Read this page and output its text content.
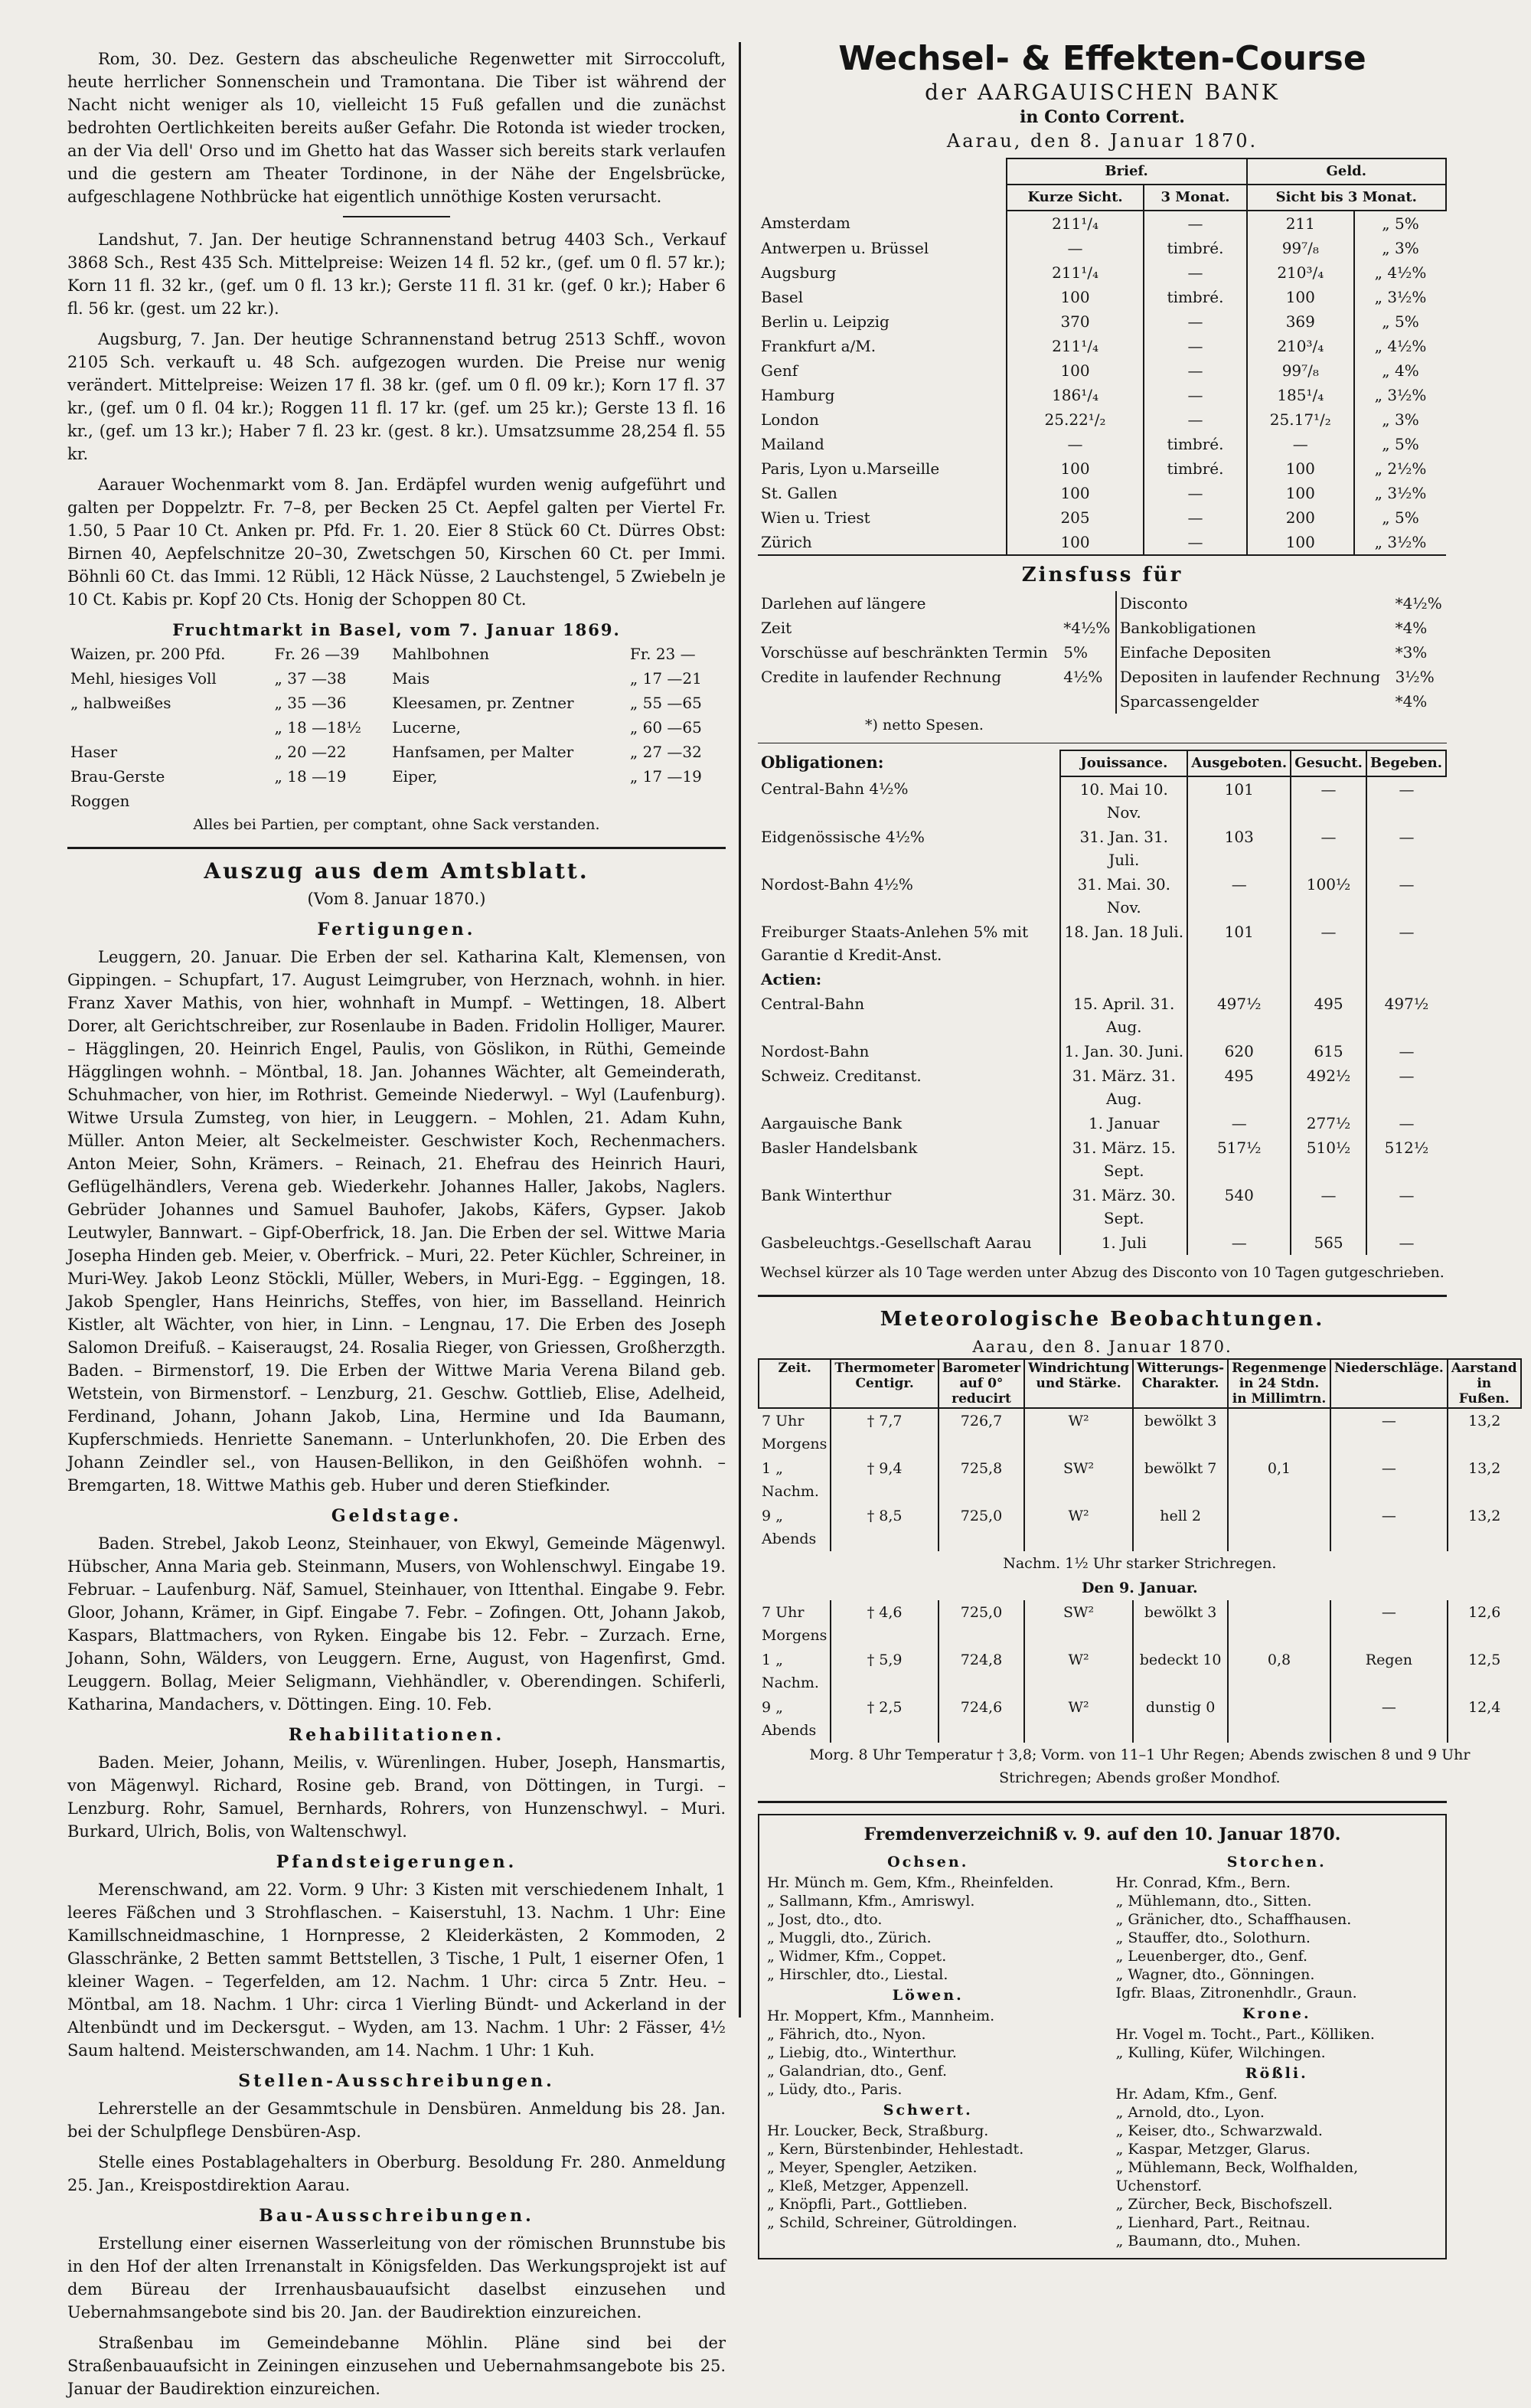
Rom, 30. Dez. Gestern das abscheuliche Regenwetter mit Sirroccoluft, heute herrlicher Sonnenschein und Tramontana. Die Tiber ist während der Nacht nicht weniger als 10, vielleicht 15 Fuß gefallen und die zunächst bedrohten Oertlichkeiten bereits außer Gefahr. Die Rotonda ist wieder trocken, an der Via dell' Orso und im Ghetto hat das Wasser sich bereits stark verlaufen und die gestern am Theater Tordinone, in der Nähe der Engelsbrücke, aufgeschlagene Nothbrücke hat eigentlich unnöthige Kosten verursacht.

Landshut, 7. Jan. Der heutige Schrannenstand betrug 4403 Sch., Verkauf 3868 Sch., Rest 435 Sch. Mittelpreise: Weizen 14 fl. 52 kr., (gef. um 0 fl. 57 kr.); Korn 11 fl. 32 kr., (gef. um 0 fl. 13 kr.); Gerste 11 fl. 31 kr. (gef. 0 kr.); Haber 6 fl. 56 kr. (gest. um 22 kr.).

Augsburg, 7. Jan. Der heutige Schrannenstand betrug 2513 Schff., wovon 2105 Sch. verkauft u. 48 Sch. aufgezogen wurden. Die Preise nur wenig verändert. Mittelpreise: Weizen 17 fl. 38 kr. (gef. um 0 fl. 09 kr.); Korn 17 fl. 37 kr., (gef. um 0 fl. 04 kr.); Roggen 11 fl. 17 kr. (gef. um 25 kr.); Gerste 13 fl. 16 kr., (gef. um 13 kr.); Haber 7 fl. 23 kr. (gest. 8 kr.). Umsatzsumme 28,254 fl. 55 kr.

Aarauer Wochenmarkt vom 8. Jan. Erdäpfel wurden wenig aufgeführt und galten per Doppelztr. Fr. 7–8, per Becken 25 Ct. Aepfel galten per Viertel Fr. 1.50, 5 Paar 10 Ct. Anken pr. Pfd. Fr. 1. 20. Eier 8 Stück 60 Ct. Dürres Obst: Birnen 40, Aepfelschnitze 20–30, Zwetschgen 50, Kirschen 60 Ct. per Immi. Böhnli 60 Ct. das Immi. 12 Rübli, 12 Häck Nüsse, 2 Lauchstengel, 5 Zwiebeln je 10 Ct. Kabis pr. Kopf 20 Cts. Honig der Schoppen 80 Ct.

Fruchtmarkt in Basel, vom 7. Januar 1869.
Waizen, pr. 200 Pfd.	Fr. 26 —39	Mahlbohnen	Fr. 23 —
Mehl, hiesiges Voll	„ 37 —38	Mais	„ 17 —21
„ halbweißes	„ 35 —36	Kleesamen, pr. Zentner	„ 55 —65
	„ 18 —18½	Lucerne,	„ 60 —65
Haser	„ 20 —22	Hanfsamen, per Malter	„ 27 —32
Brau-Gerste	„ 18 —19	Eiper,	„ 17 —19
Roggen			
Alles bei Partien, per comptant, ohne Sack verstanden.
Auszug aus dem Amtsblatt.
(Vom 8. Januar 1870.)
Fertigungen.

Leuggern, 20. Januar. Die Erben der sel. Katharina Kalt, Klemensen, von Gippingen. – Schupfart, 17. August Leimgruber, von Herznach, wohnh. in hier. Franz Xaver Mathis, von hier, wohnhaft in Mumpf. – Wettingen, 18. Albert Dorer, alt Gerichtschreiber, zur Rosenlaube in Baden. Fridolin Holliger, Maurer. – Hägglingen, 20. Heinrich Engel, Paulis, von Göslikon, in Rüthi, Gemeinde Hägglingen wohnh. – Möntbal, 18. Jan. Johannes Wächter, alt Gemeinderath, Schuhmacher, von hier, im Rothrist. Gemeinde Niederwyl. – Wyl (Laufenburg). Witwe Ursula Zumsteg, von hier, in Leuggern. – Mohlen, 21. Adam Kuhn, Müller. Anton Meier, alt Seckelmeister. Geschwister Koch, Rechenmachers. Anton Meier, Sohn, Krämers. – Reinach, 21. Ehefrau des Heinrich Hauri, Geflügelhändlers, Verena geb. Wiederkehr. Johannes Haller, Jakobs, Naglers. Gebrüder Johannes und Samuel Bauhofer, Jakobs, Käfers, Gypser. Jakob Leutwyler, Bannwart. – Gipf-Oberfrick, 18. Jan. Die Erben der sel. Wittwe Maria Josepha Hinden geb. Meier, v. Oberfrick. – Muri, 22. Peter Küchler, Schreiner, in Muri-Wey. Jakob Leonz Stöckli, Müller, Webers, in Muri-Egg. – Eggingen, 18. Jakob Spengler, Hans Heinrichs, Steffes, von hier, im Basselland. Heinrich Kistler, alt Wächter, von hier, in Linn. – Lengnau, 17. Die Erben des Joseph Salomon Dreifuß. – Kaiseraugst, 24. Rosalia Rieger, von Griessen, Großherzgth. Baden. – Birmenstorf, 19. Die Erben der Wittwe Maria Verena Biland geb. Wetstein, von Birmenstorf. – Lenzburg, 21. Geschw. Gottlieb, Elise, Adelheid, Ferdinand, Johann, Johann Jakob, Lina, Hermine und Ida Baumann, Kupferschmieds. Henriette Sanemann. – Unterlunkhofen, 20. Die Erben des Johann Zeindler sel., von Hausen-Bellikon, in den Geißhöfen wohnh. – Bremgarten, 18. Wittwe Mathis geb. Huber und deren Stiefkinder.

Geldstage.

Baden. Strebel, Jakob Leonz, Steinhauer, von Ekwyl, Gemeinde Mägenwyl. Hübscher, Anna Maria geb. Steinmann, Musers, von Wohlenschwyl. Eingabe 19. Februar. – Laufenburg. Näf, Samuel, Steinhauer, von Ittenthal. Eingabe 9. Febr. Gloor, Johann, Krämer, in Gipf. Eingabe 7. Febr. – Zofingen. Ott, Johann Jakob, Kaspars, Blattmachers, von Ryken. Eingabe bis 12. Febr. – Zurzach. Erne, Johann, Sohn, Wälders, von Leuggern. Erne, August, von Hagenfirst, Gmd. Leuggern. Bollag, Meier Seligmann, Viehhändler, v. Oberendingen. Schiferli, Katharina, Mandachers, v. Döttingen. Eing. 10. Feb.

Rehabilitationen.

Baden. Meier, Johann, Meilis, v. Würenlingen. Huber, Joseph, Hansmartis, von Mägenwyl. Richard, Rosine geb. Brand, von Döttingen, in Turgi. – Lenzburg. Rohr, Samuel, Bernhards, Rohrers, von Hunzenschwyl. – Muri. Burkard, Ulrich, Bolis, von Waltenschwyl.

Pfandsteigerungen.

Merenschwand, am 22. Vorm. 9 Uhr: 3 Kisten mit verschiedenem Inhalt, 1 leeres Fäßchen und 3 Strohflaschen. – Kaiserstuhl, 13. Nachm. 1 Uhr: Eine Kamillschneidmaschine, 1 Hornpresse, 2 Kleiderkästen, 2 Kommoden, 2 Glasschränke, 2 Betten sammt Bettstellen, 3 Tische, 1 Pult, 1 eiserner Ofen, 1 kleiner Wagen. – Tegerfelden, am 12. Nachm. 1 Uhr: circa 5 Zntr. Heu. – Möntbal, am 18. Nachm. 1 Uhr: circa 1 Vierling Bündt- und Ackerland in der Altenbündt und im Deckersgut. – Wyden, am 13. Nachm. 1 Uhr: 2 Fässer, 4½ Saum haltend. Meisterschwanden, am 14. Nachm. 1 Uhr: 1 Kuh.

Stellen-Ausschreibungen.

Lehrerstelle an der Gesammtschule in Densbüren. Anmeldung bis 28. Jan. bei der Schulpflege Densbüren-Asp.

Stelle eines Postablagehalters in Oberburg. Besoldung Fr. 280. Anmeldung 25. Jan., Kreispostdirektion Aarau.

Bau-Ausschreibungen.

Erstellung einer eisernen Wasserleitung von der römischen Brunnstube bis in den Hof der alten Irrenanstalt in Königsfelden. Das Werkungsprojekt ist auf dem Büreau der Irrenhausbauaufsicht daselbst einzusehen und Uebernahmsangebote sind bis 20. Jan. der Baudirektion einzureichen.

Straßenbau im Gemeindebanne Möhlin. Pläne sind bei der Straßenbauaufsicht in Zeiningen einzusehen und Uebernahmsangebote bis 25. Januar der Baudirektion einzureichen.

Wechsel- & Effekten-Course
der AARGAUISCHEN BANK
in Conto Corrent.
Aarau, den 8. Januar 1870.
	Brief.		Geld.	
	Kurze Sicht.	3 Monat.	Sicht bis 3 Monat.	
Amsterdam	211¹/₄	—	211	„ 5%
Antwerpen u. Brüssel	—	timbré.	99⁷/₈	„ 3%
Augsburg	211¹/₄	—	210³/₄	„ 4½%
Basel	100	timbré.	100	„ 3½%
Berlin u. Leipzig	370	—	369	„ 5%
Frankfurt a/M.	211¹/₄	—	210³/₄	„ 4½%
Genf	100	—	99⁷/₈	„ 4%
Hamburg	186¹/₄	—	185¹/₄	„ 3½%
London	25.22¹/₂	—	25.17¹/₂	„ 3%
Mailand	—	timbré.	—	„ 5%
Paris, Lyon u.Marseille	100	timbré.	100	„ 2½%
St. Gallen	100	—	100	„ 3½%
Wien u. Triest	205	—	200	„ 5%
Zürich	100	—	100	„ 3½%
Zinsfuss für
Darlehen auf längere		Disconto	*4½%
Zeit	*4½%	Bankobligationen	*4%
Vorschüsse auf beschränkten Termin	5%	Einfache Depositen	*3%
Credite in laufender Rechnung	4½%	Depositen in laufender Rechnung	3½%
		Sparcassengelder	*4%
*) netto Spesen.
Obligationen:	Jouissance.	Ausgeboten.	Gesucht.	Begeben.
Central-Bahn 4½%	10. Mai 10. Nov.	101	—	—
Eidgenössische 4½%	31. Jan. 31. Juli.	103	—	—
Nordost-Bahn 4½%	31. Mai. 30. Nov.	—	100½	—
Freiburger Staats-Anlehen 5% mit Garantie d Kredit-Anst.	18. Jan. 18 Juli.	101	—	—
Actien:				
Central-Bahn	15. April. 31. Aug.	497½	495	497½
Nordost-Bahn	1. Jan. 30. Juni.	620	615	—
Schweiz. Creditanst.	31. März. 31. Aug.	495	492½	—
Aargauische Bank	1. Januar	—	277½	—
Basler Handelsbank	31. März. 15. Sept.	517½	510½	512½
Bank Winterthur	31. März. 30. Sept.	540	—	—
Gasbeleuchtgs.-Gesellschaft Aarau	1. Juli	—	565	—
Wechsel kürzer als 10 Tage werden unter Abzug des Disconto von 10 Tagen gutgeschrieben.
Meteorologische Beobachtungen.
Aarau, den 8. Januar 1870.
Zeit.	Thermometer Centigr.	Barometer auf 0° reducirt	Windrichtung und Stärke.	Witterungs-Charakter.	Regenmenge in 24 Stdn. in Millimtrn.	Niederschläge.	Aarstand in Fußen.
7 Uhr Morgens	† 7,7	726,7	W²	bewölkt 3		—	13,2
1 „ Nachm.	† 9,4	725,8	SW²	bewölkt 7	0,1	—	13,2
9 „ Abends	† 8,5	725,0	W²	hell 2		—	13,2
Nachm. 1½ Uhr starker Strichregen.							
Den 9. Januar.							
7 Uhr Morgens	† 4,6	725,0	SW²	bewölkt 3		—	12,6
1 „ Nachm.	† 5,9	724,8	W²	bedeckt 10	0,8	Regen	12,5
9 „ Abends	† 2,5	724,6	W²	dunstig 0		—	12,4
Morg. 8 Uhr Temperatur † 3,8; Vorm. von 11–1 Uhr Regen; Abends zwischen 8 und 9 Uhr Strichregen; Abends großer Mondhof.							
Fremdenverzeichniß v. 9. auf den 10. Januar 1870.
Ochsen.
Hr. Münch m. Gem, Kfm., Rheinfelden.
„ Sallmann, Kfm., Amriswyl.
„ Jost, dto., dto.
„ Muggli, dto., Zürich.
„ Widmer, Kfm., Coppet.
„ Hirschler, dto., Liestal.
Löwen.
Hr. Moppert, Kfm., Mannheim.
„ Fährich, dto., Nyon.
„ Liebig, dto., Winterthur.
„ Galandrian, dto., Genf.
„ Lüdy, dto., Paris.
Schwert.
Hr. Loucker, Beck, Straßburg.
„ Kern, Bürstenbinder, Hehlestadt.
„ Meyer, Spengler, Aetziken.
„ Kleß, Metzger, Appenzell.
„ Knöpfli, Part., Gottlieben.
„ Schild, Schreiner, Gütroldingen.
Storchen.
Hr. Conrad, Kfm., Bern.
„ Mühlemann, dto., Sitten.
„ Gränicher, dto., Schaffhausen.
„ Stauffer, dto., Solothurn.
„ Leuenberger, dto., Genf.
„ Wagner, dto., Gönningen.
Igfr. Blaas, Zitronenhdlr., Graun.
Krone.
Hr. Vogel m. Tocht., Part., Kölliken.
„ Kulling, Küfer, Wilchingen.
Rößli.
Hr. Adam, Kfm., Genf.
„ Arnold, dto., Lyon.
„ Keiser, dto., Schwarzwald.
„ Kaspar, Metzger, Glarus.
„ Mühlemann, Beck, Wolfhalden, Uchenstorf.
„ Zürcher, Beck, Bischofszell.
„ Lienhard, Part., Reitnau.
„ Baumann, dto., Muhen.
